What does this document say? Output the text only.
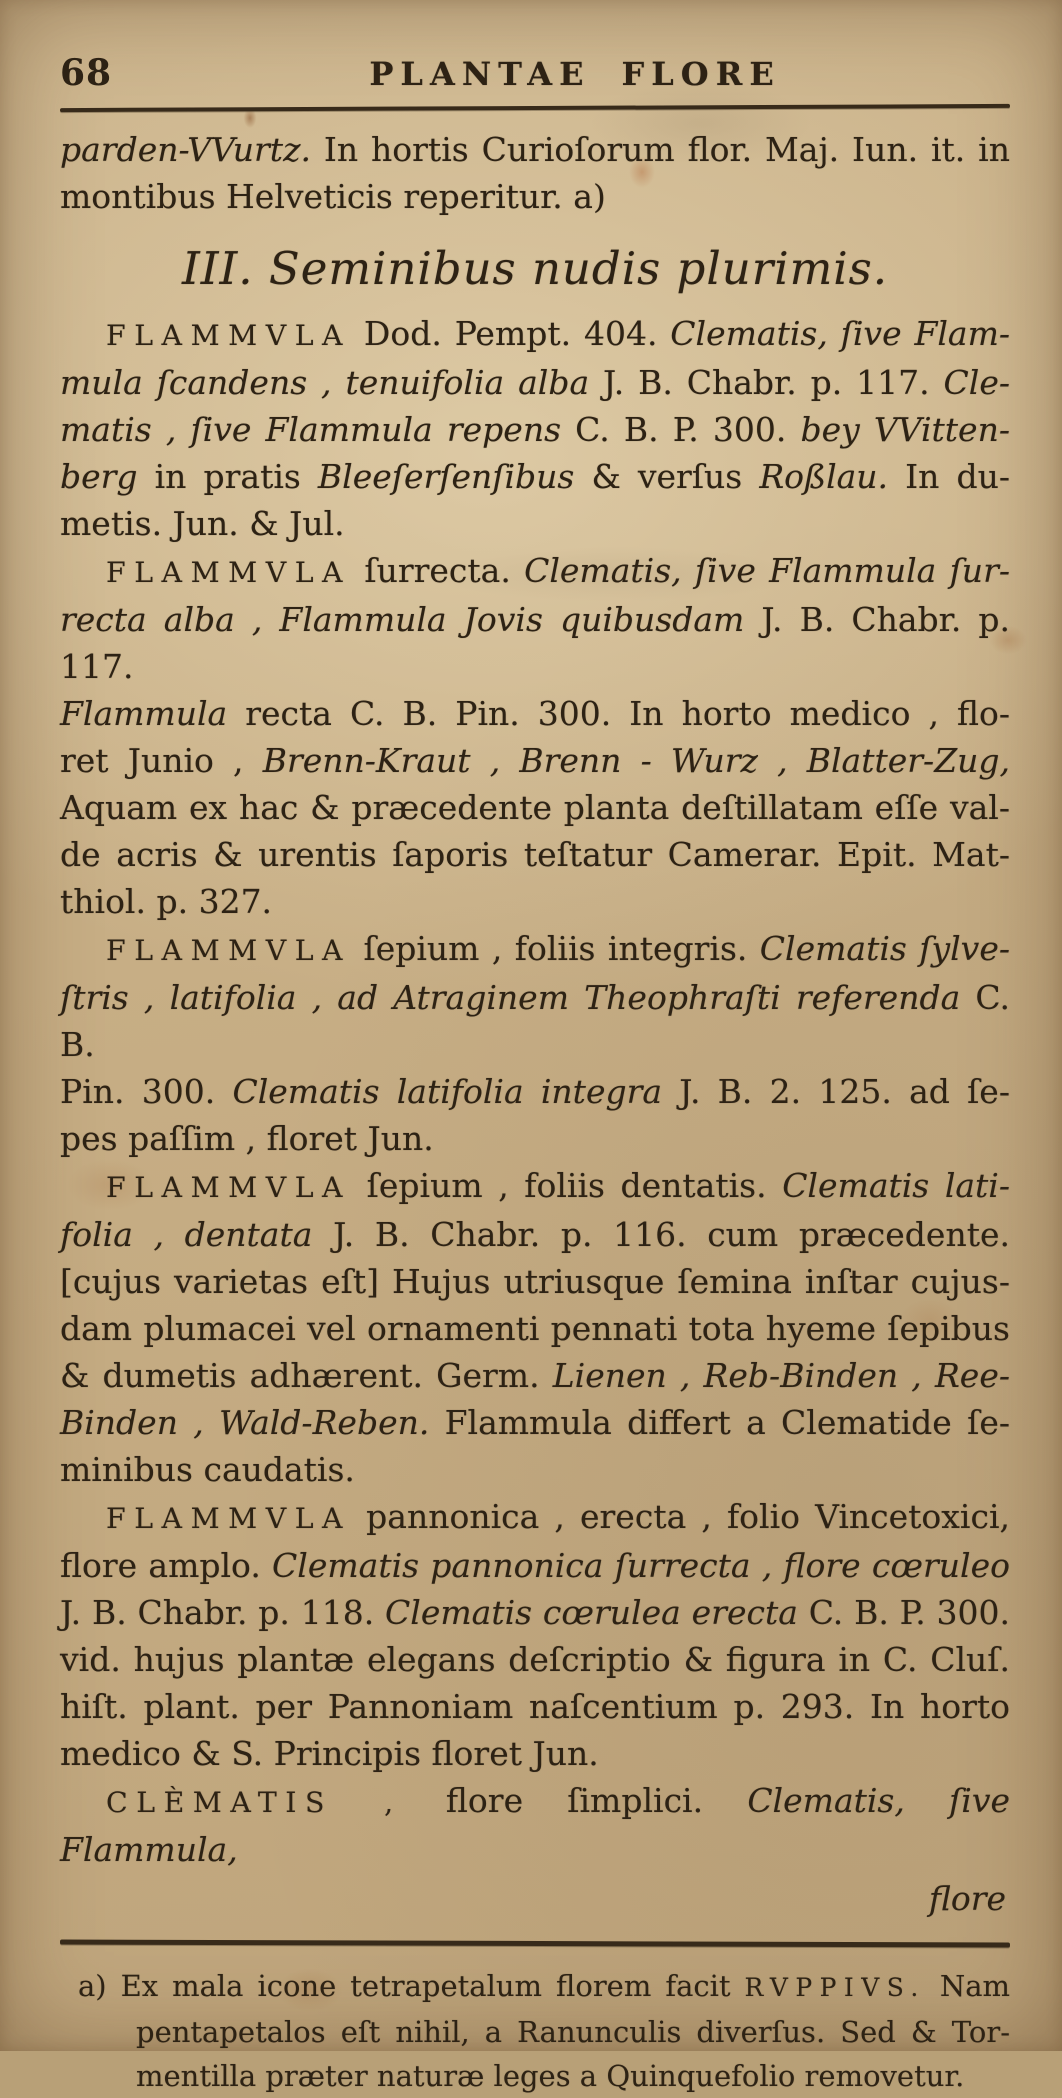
68	PLANTAE FLORE
parden-VVurtz. In hortis Curioſorum flor. Maj. Iun. it. in
montibus Helveticis reperitur. a)
III. Seminibus nudis plurimis.
FLAMMVLA Dod. Pempt. 404. Clematis, ſive Flam-
mula ſcandens , tenuifolia alba J. B. Chabr. p. 117. Cle-
matis , ſive Flammula repens C. B. P. 300. bey VVitten-
berg in pratis Bleeſerſenſibus & verſus Roßlau. In du-
metis. Jun. & Jul.
FLAMMVLA ſurrecta. Clematis, ſive Flammula ſur-
recta alba , Flammula Jovis quibusdam J. B. Chabr. p. 117.
Flammula recta C. B. Pin. 300. In horto medico , flo-
ret Junio , Brenn-Kraut , Brenn - Wurz , Blatter-Zug,
Aquam ex hac & præcedente planta deſtillatam eſſe val-
de acris & urentis ſaporis teſtatur Camerar. Epit. Mat-
thiol. p. 327.
FLAMMVLA ſepium , foliis integris. Clematis ſylve-
ſtris , latifolia , ad Atraginem Theophraſti referenda C. B.
Pin. 300. Clematis latifolia integra J. B. 2. 125. ad ſe-
pes paſſim , floret Jun.
FLAMMVLA ſepium , foliis dentatis. Clematis lati-
folia , dentata J. B. Chabr. p. 116. cum præcedente.
[cujus varietas eſt] Hujus utriusque ſemina inſtar cujus-
dam plumacei vel ornamenti pennati tota hyeme ſepibus
& dumetis adhærent. Germ. Lienen , Reb-Binden , Ree-
Binden , Wald-Reben. Flammula differt a Clematide ſe-
minibus caudatis.
FLAMMVLA pannonica , erecta , folio Vincetoxici,
flore amplo. Clematis pannonica ſurrecta , flore cœruleo
J. B. Chabr. p. 118. Clematis cœrulea erecta C. B. P. 300.
vid. hujus plantæ elegans deſcriptio & figura in C. Cluſ.
hiſt. plant. per Pannoniam naſcentium p. 293. In horto
medico & S. Principis floret Jun.
CLÈMATIS , flore ſimplici. Clematis, ſive Flammula,
flore
a) Ex mala icone tetrapetalum florem facit RVPPIVS. Nam
pentapetalos eſt nihil, a Ranunculis diverſus. Sed & Tor-
mentilla præter naturæ leges a Quinquefolio removetur.
